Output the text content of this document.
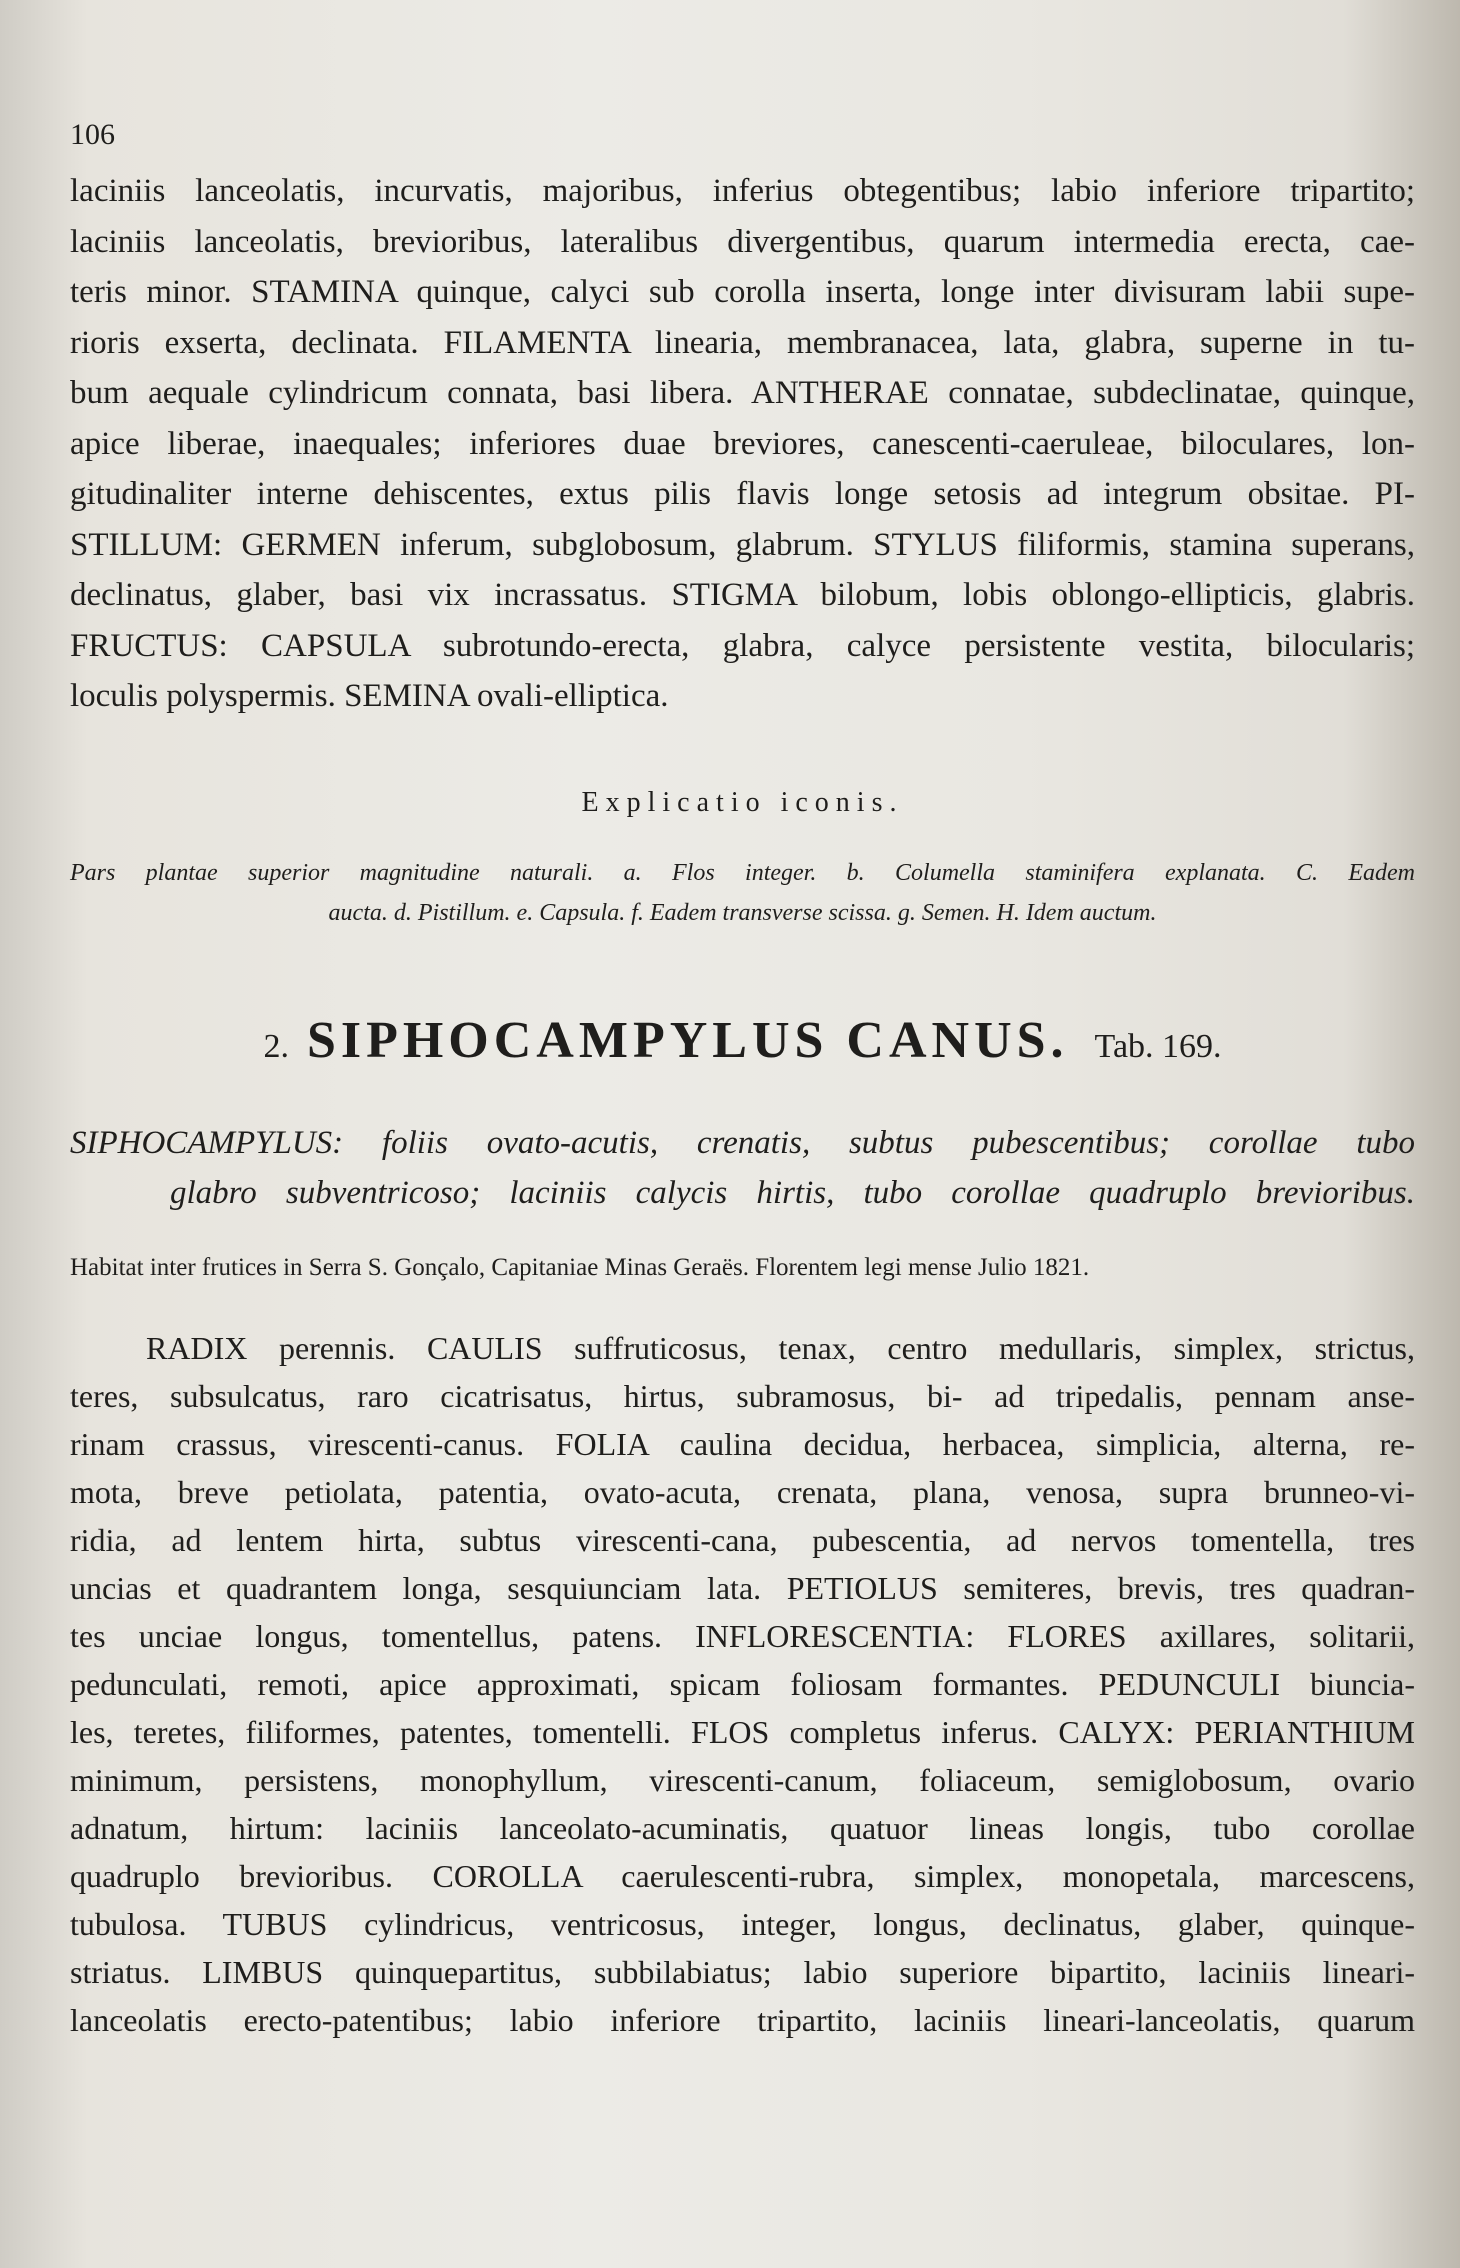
106
laciniis lanceolatis, incurvatis, majoribus, inferius obtegentibus; labio inferiore tripartito;
laciniis lanceolatis, brevioribus, lateralibus divergentibus, quarum intermedia erecta, cae-
teris minor. STAMINA quinque, calyci sub corolla inserta, longe inter divisuram labii supe-
rioris exserta, declinata. FILAMENTA linearia, membranacea, lata, glabra, superne in tu-
bum aequale cylindricum connata, basi libera. ANTHERAE connatae, subdeclinatae, quinque,
apice liberae, inaequales; inferiores duae breviores, canescenti-caeruleae, biloculares, lon-
gitudinaliter interne dehiscentes, extus pilis flavis longe setosis ad integrum obsitae. PI-
STILLUM: GERMEN inferum, subglobosum, glabrum. STYLUS filiformis, stamina superans,
declinatus, glaber, basi vix incrassatus. STIGMA bilobum, lobis oblongo-ellipticis, glabris.
FRUCTUS: CAPSULA subrotundo-erecta, glabra, calyce persistente vestita, bilocularis;
loculis polyspermis. SEMINA ovali-elliptica.
Explicatio iconis.
Pars plantae superior magnitudine naturali. a. Flos integer. b. Columella staminifera explanata. C. Eadem
aucta. d. Pistillum. e. Capsula. f. Eadem transverse scissa. g. Semen. H. Idem auctum.
2. SIPHOCAMPYLUS CANUS. Tab. 169.
SIPHOCAMPYLUS: foliis ovato-acutis, crenatis, subtus pubescentibus; corollae tubo
glabro subventricoso; laciniis calycis hirtis, tubo corollae quadruplo brevioribus.
Habitat inter frutices in Serra S. Gonçalo, Capitaniae Minas Geraës. Florentem legi mense Julio 1821.
RADIX perennis. CAULIS suffruticosus, tenax, centro medullaris, simplex, strictus,
teres, subsulcatus, raro cicatrisatus, hirtus, subramosus, bi- ad tripedalis, pennam anse-
rinam crassus, virescenti-canus. FOLIA caulina decidua, herbacea, simplicia, alterna, re-
mota, breve petiolata, patentia, ovato-acuta, crenata, plana, venosa, supra brunneo-vi-
ridia, ad lentem hirta, subtus virescenti-cana, pubescentia, ad nervos tomentella, tres
uncias et quadrantem longa, sesquiunciam lata. PETIOLUS semiteres, brevis, tres quadran-
tes unciae longus, tomentellus, patens. INFLORESCENTIA: FLORES axillares, solitarii,
pedunculati, remoti, apice approximati, spicam foliosam formantes. PEDUNCULI biuncia-
les, teretes, filiformes, patentes, tomentelli. FLOS completus inferus. CALYX: PERIANTHIUM
minimum, persistens, monophyllum, virescenti-canum, foliaceum, semiglobosum, ovario
adnatum, hirtum: laciniis lanceolato-acuminatis, quatuor lineas longis, tubo corollae
quadruplo brevioribus. COROLLA caerulescenti-rubra, simplex, monopetala, marcescens,
tubulosa. TUBUS cylindricus, ventricosus, integer, longus, declinatus, glaber, quinque-
striatus. LIMBUS quinquepartitus, subbilabiatus; labio superiore bipartito, laciniis lineari-
lanceolatis erecto-patentibus; labio inferiore tripartito, laciniis lineari-lanceolatis, quarum
